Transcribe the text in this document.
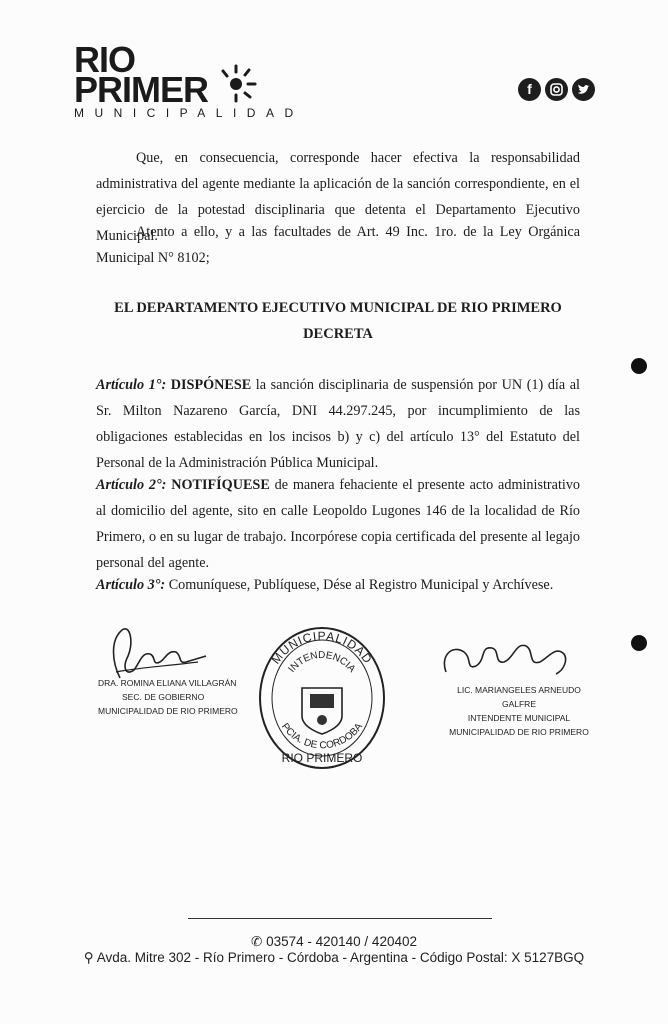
RIO
PRIMER
MUNICIPALIDAD
f
Que, en consecuencia, corresponde hacer efectiva la responsabilidad administrativa del agente mediante la aplicación de la sanción correspondiente, en el ejercicio de la potestad disciplinaria que detenta el Departamento Ejecutivo Municipal.
Atento a ello, y a las facultades de Art. 49 Inc. 1ro. de la Ley Orgánica Municipal N° 8102;
EL DEPARTAMENTO EJECUTIVO MUNICIPAL DE RIO PRIMERO
DECRETA
Artículo 1°: DISPÓNESE la sanción disciplinaria de suspensión por UN (1) día al Sr. Milton Nazareno García, DNI 44.297.245, por incumplimiento de las obligaciones establecidas en los incisos b) y c) del artículo 13° del Estatuto del Personal de la Administración Pública Municipal.
Artículo 2°: NOTIFÍQUESE de manera fehaciente el presente acto administrativo al domicilio del agente, sito en calle Leopoldo Lugones 146 de la localidad de Río Primero, o en su lugar de trabajo. Incorpórese copia certificada del presente al legajo personal del agente.
Artículo 3°: Comuníquese, Publíquese, Dése al Registro Municipal y Archívese.
DRA. ROMINA ELIANA VILLAGRÁN
SEC. DE GOBIERNO
MUNICIPALIDAD DE RIO PRIMERO
MUNICIPALIDAD
INTENDENCIA
PCIA. DE CORDOBA
RIO PRIMERO
LIC. MARIANGELES ARNEUDO GALFRE
INTENDENTE MUNICIPAL
MUNICIPALIDAD DE RIO PRIMERO
✆ 03574 - 420140 / 420402
⚲ Avda. Mitre 302 - Río Primero - Córdoba - Argentina - Código Postal: X 5127BGQ
